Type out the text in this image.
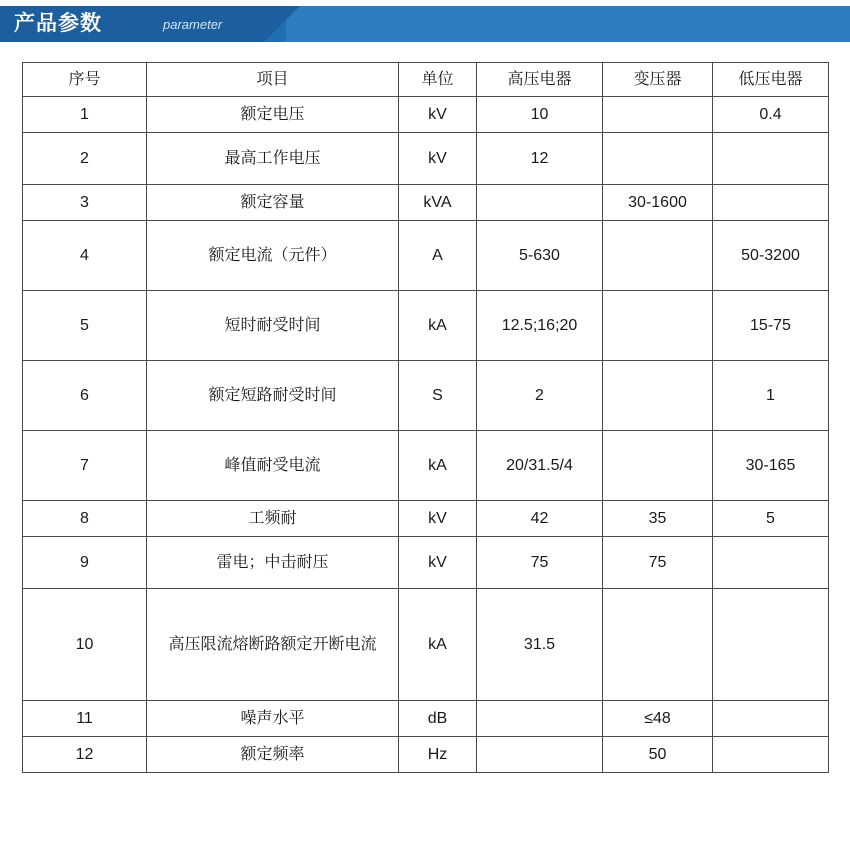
产品参数	parameter
序号	项目	单位	高压电器	变压器	低压电器
1	额定电压	kV	10		0.4
2	最高工作电压	kV	12		
3	额定容量	kVA		30-1600	
4	额定电流（元件）	A	5-630		50-3200
5	短时耐受时间	kA	12.5;16;20		15-75
6	额定短路耐受时间	S	2		1
7	峰值耐受电流	kA	20/31.5/4		30-165
8	工频耐	kV	42	35	5
9	雷电；中击耐压	kV	75	75	
10	高压限流熔断路额定开断电流	kA	31.5		
11	噪声水平	dB		≤48	
12	额定频率	Hz		50	
